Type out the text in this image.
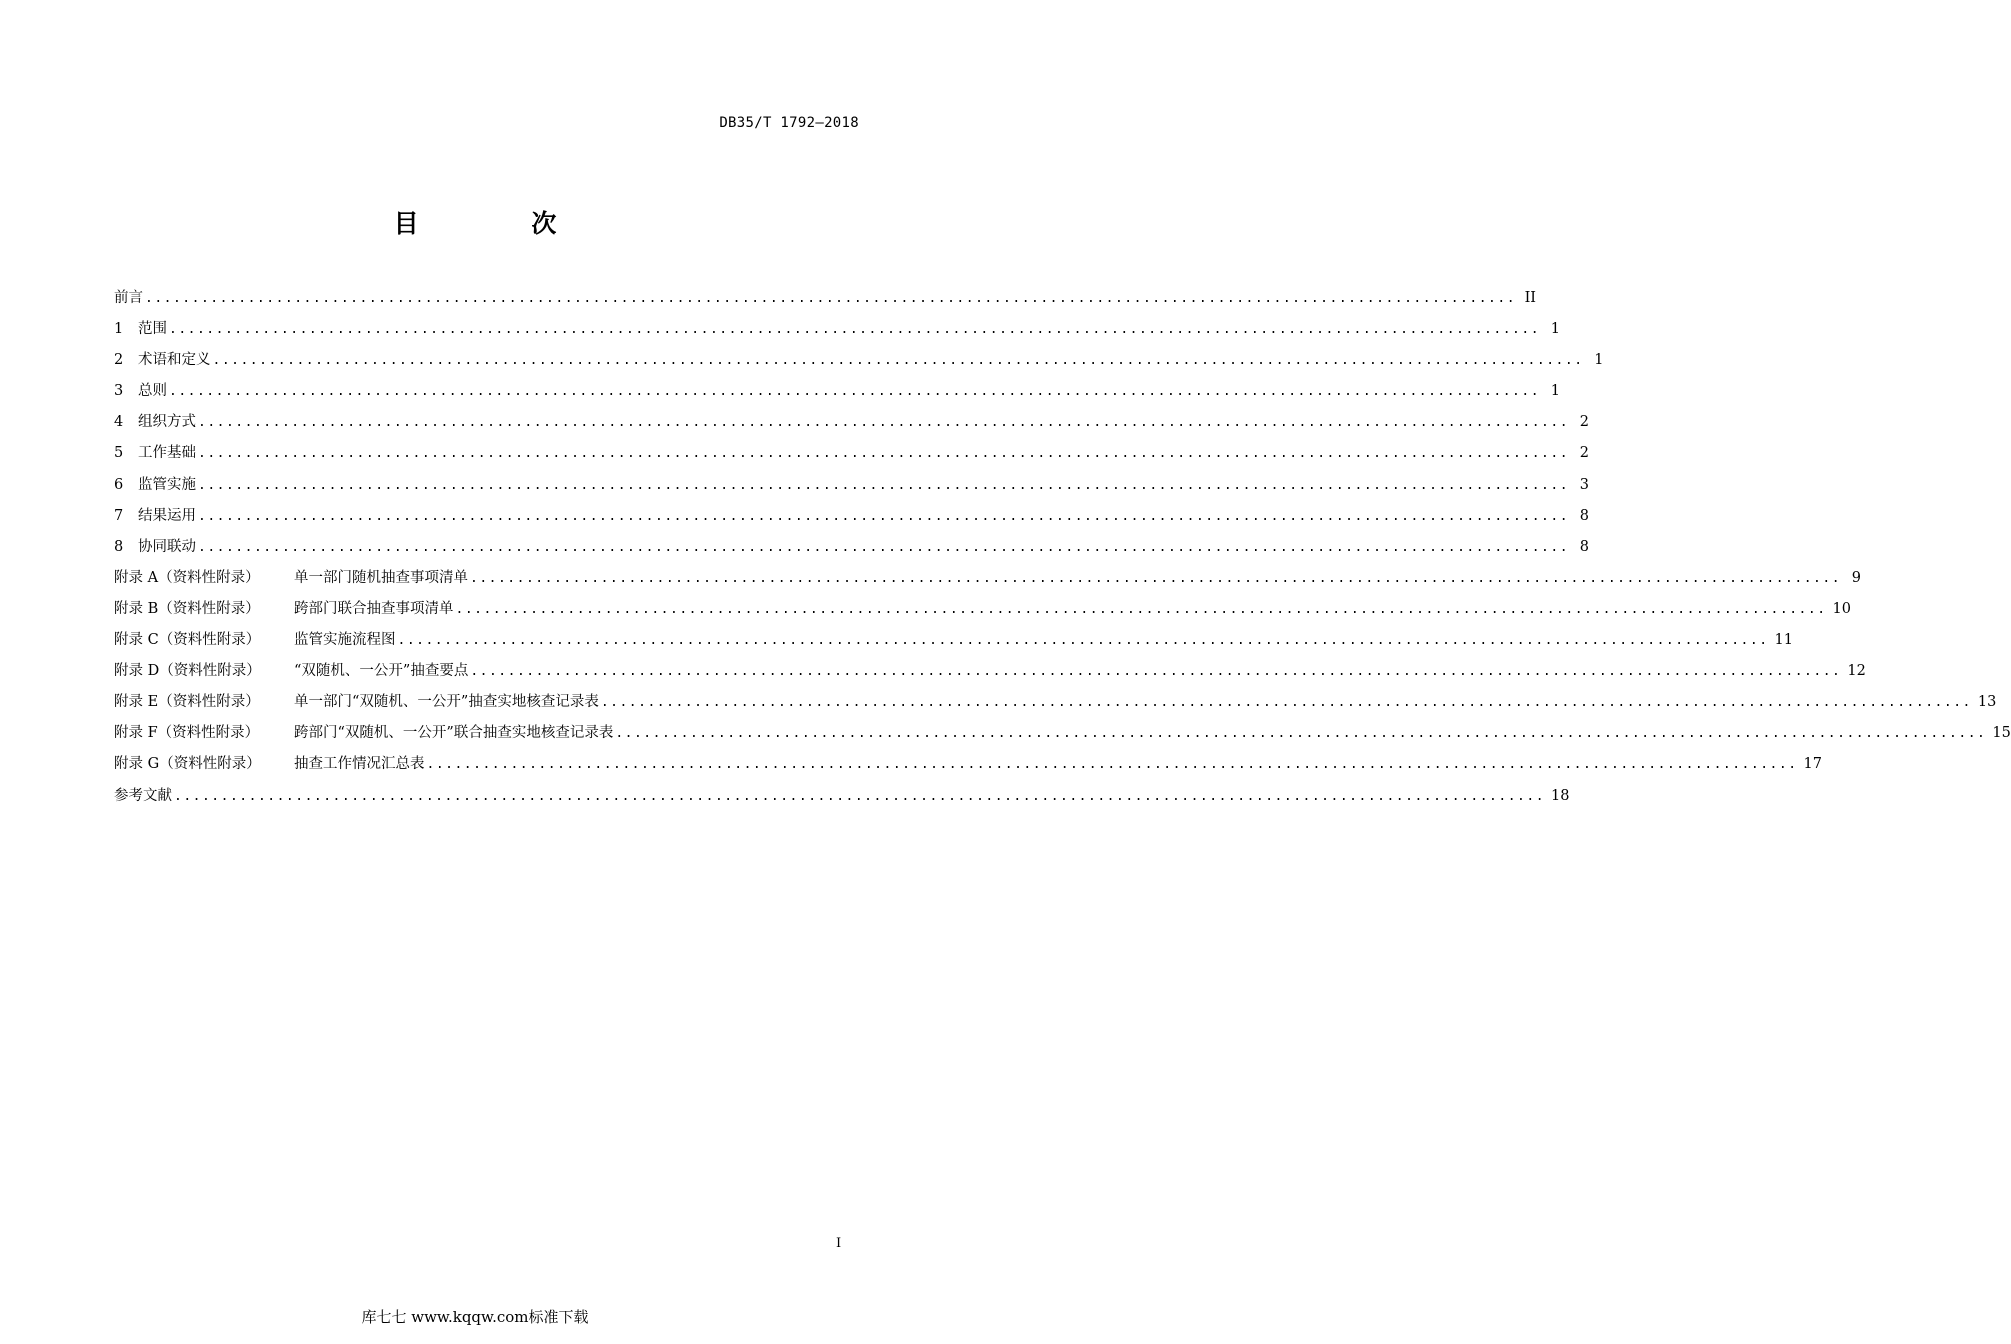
DB35/T 1792—2018
目 次
前言 ................................................................................................................................................... II
1 范围 ................................................................................................................................................... 1
2 术语和定义 ................................................................................................................................................... 1
3 总则 ................................................................................................................................................... 1
4 组织方式 ................................................................................................................................................... 2
5 工作基础 ................................................................................................................................................... 2
6 监管实施 ................................................................................................................................................... 3
7 结果运用 ................................................................................................................................................... 8
8 协同联动 ................................................................................................................................................... 8
附录 A（资料性附录） 单一部门随机抽查事项清单 ................................................................................................................................................... 9
附录 B（资料性附录） 跨部门联合抽查事项清单 ................................................................................................................................................... 10
附录 C（资料性附录） 监管实施流程图 ................................................................................................................................................... 11
附录 D（资料性附录） “双随机、一公开”抽查要点 ................................................................................................................................................... 12
附录 E（资料性附录） 单一部门“双随机、一公开”抽查实地核查记录表 ................................................................................................................................................... 13
附录 F（资料性附录） 跨部门“双随机、一公开”联合抽查实地核查记录表 ................................................................................................................................................... 15
附录 G（资料性附录） 抽查工作情况汇总表 ................................................................................................................................................... 17
参考文献 ................................................................................................................................................... 18
I
库七七 www.kqqw.com标准下载
